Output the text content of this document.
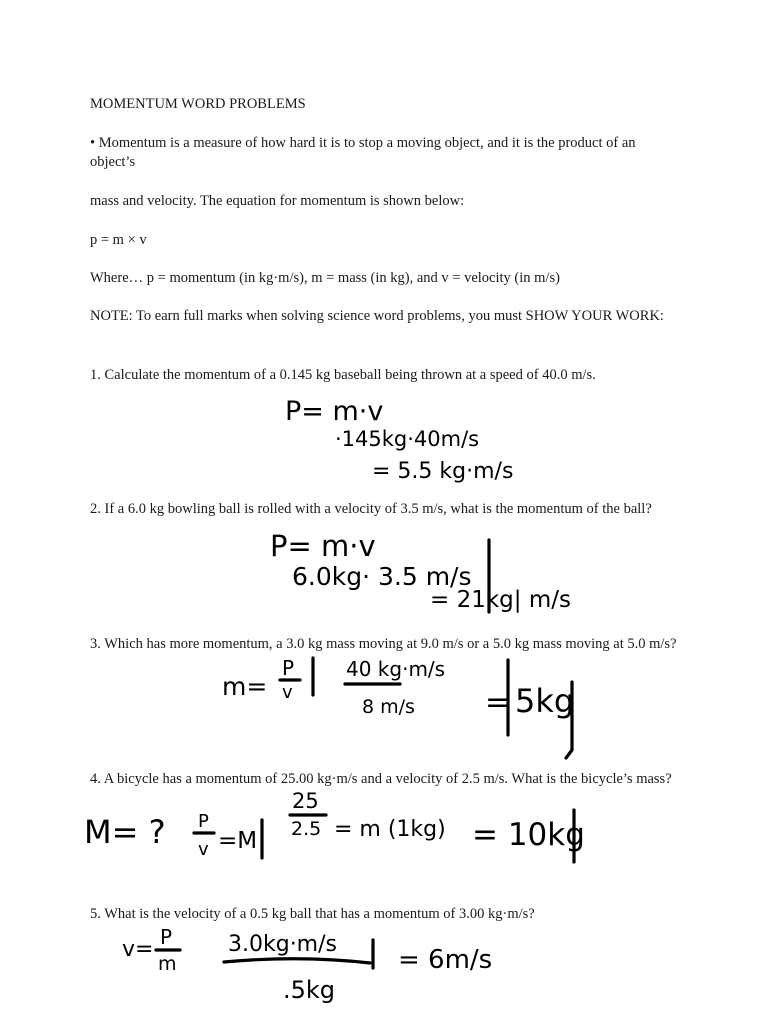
MOMENTUM WORD PROBLEMS
• Momentum is a measure of how hard it is to stop a moving object, and it is the product of an object’s
mass and velocity. The equation for momentum is shown below:
p = m × v
Where… p = momentum (in kg·m/s), m = mass (in kg), and v = velocity (in m/s)
NOTE: To earn full marks when solving science word problems, you must SHOW YOUR WORK:
1. Calculate the momentum of a 0.145 kg baseball being thrown at a speed of 40.0 m/s.
2. If a 6.0 kg bowling ball is rolled with a velocity of 3.5 m/s, what is the momentum of the ball?
3. Which has more momentum, a 3.0 kg mass moving at 9.0 m/s or a 5.0 kg mass moving at 5.0 m/s?
4. A bicycle has a momentum of 25.00 kg·m/s and a velocity of 2.5 m/s. What is the bicycle’s mass?
5. What is the velocity of a 0.5 kg ball that has a momentum of 3.00 kg·m/s?
P= m·v
·145kg·40m/s
= 5.5 kg·m/s
P= m·v
6.0kg· 3.5 m/s
= 21kg| m/s
m=
P
v
40 kg·m/s
8 m/s = 5kg
M= ? P
v =M
25
2.5 = m (1kg) = 10kg
v= P
m
3.0kg·m/s
.5kg
= 6m/s
